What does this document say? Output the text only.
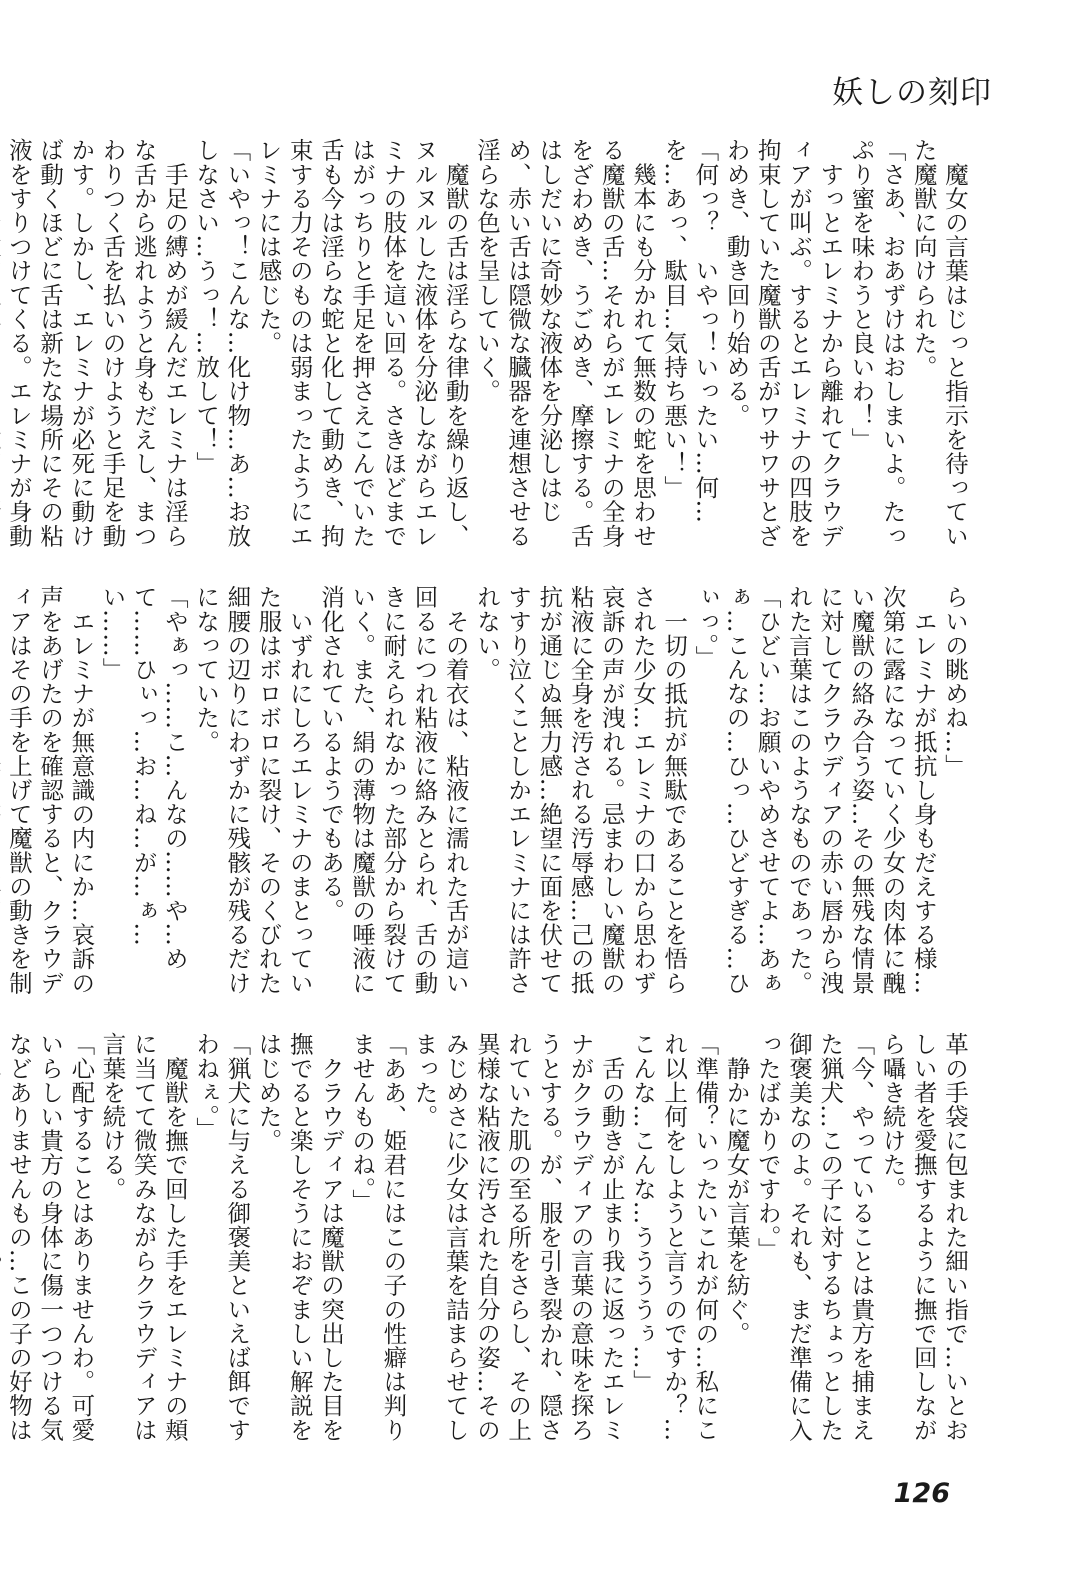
妖しの刻印

　魔女の言葉はじっと指示を待っていた魔獣に向けられた。

「さあ、おあずけはおしまいよ。たっぷり蜜を味わうと良いわ！」

　すっとエレミナから離れてクラウディアが叫ぶ。するとエレミナの四肢を拘束していた魔獣の舌がワサワサとざわめき、動き回り始める。

「何っ？　いやっ！いったい…何…を…あっ、駄目…気持ち悪い！」

　幾本にも分かれて無数の蛇を思わせる魔獣の舌…それらがエレミナの全身をざわめき、うごめき、摩擦する。舌はしだいに奇妙な液体を分泌しはじめ、赤い舌は隠微な臓器を連想させる淫らな色を呈していく。

　魔獣の舌は淫らな律動を繰り返し、ヌルヌルした液体を分泌しながらエレミナの肢体を這い回る。さきほどまではがっちりと手足を押さえこんでいた舌も今は淫らな蛇と化して動めき、拘束する力そのものは弱まったようにエレミナには感じた。

「いやっ！こんな…化け物…あ…お放しなさい…うっ！…放して！」

　手足の縛めが緩んだエレミナは淫らな舌から逃れようと身もだえし、まつわりつく舌を払いのけようと手足を動かす。しかし、エレミナが必死に動けば動くほどに舌は新たな場所にその粘液をすりつけてくる。エレミナが身動

らいの眺めね…」

　エレミナが抵抗し身もだえする様…次第に露になっていく少女の肉体に醜い魔獣の絡み合う姿…その無残な情景に対してクラウディアの赤い唇から洩れた言葉はこのようなものであった。

「ひどい…お願いやめさせてよ…あぁぁ…こんなの…ひっ…ひどすぎる…ひぃっ。」

　一切の抵抗が無駄であることを悟らされた少女…エレミナの口から思わず哀訴の声が洩れる。忌まわしい魔獣の粘液に全身を汚される汚辱感…己の抵抗が通じぬ無力感…絶望に面を伏せてすすり泣くことしかエレミナには許されない。

　その着衣は、粘液に濡れた舌が這い回るにつれ粘液に絡みとられ、舌の動きに耐えられなかった部分から裂けていく。また、絹の薄物は魔獣の唾液に消化されているようでもある。

　いずれにしろエレミナのまとっていた服はボロボロに裂け、そのくびれた細腰の辺りにわずかに残骸が残るだけになっていた。

「やぁっ……こ…んなの……や…めて……ひぃっ…お…ね…が…ぁ…い……」

　エレミナが無意識の内にか…哀訴の声をあげたのを確認すると、クラウディアはその手を上げて魔獣の動きを制

革の手袋に包まれた細い指で…いとおしい者を愛撫するように撫で回しながら囁き続けた。

「今、やっていることは貴方を捕まえた猟犬…この子に対するちょっとした御褒美なのよ。それも、まだ準備に入ったばかりですわ。」

　静かに魔女が言葉を紡ぐ。

「準備？いったいこれが何の…私にこれ以上何をしようと言うのですか？…こんな…こんな…ううううぅ…」

　舌の動きが止まり我に返ったエレミナがクラウディアの言葉の意味を探ろうとする。が、服を引き裂かれ、隠されていた肌の至る所をさらし、その上異様な粘液に汚された自分の姿…そのみじめさに少女は言葉を詰まらせてしまった。

「ああ、姫君にはこの子の性癖は判りませんものね。」

　クラウディアは魔獣の突出した目を撫でると楽しそうにおぞましい解説をはじめた。

「猟犬に与える御褒美といえば餌ですわねぇ。」

　魔獣を撫で回した手をエレミナの頬に当てて微笑みながらクラウディアは言葉を続ける。

「心配することはありませんわ。可愛いらしい貴方の身体に傷一つつける気などありませんもの…この子の好物は

126
